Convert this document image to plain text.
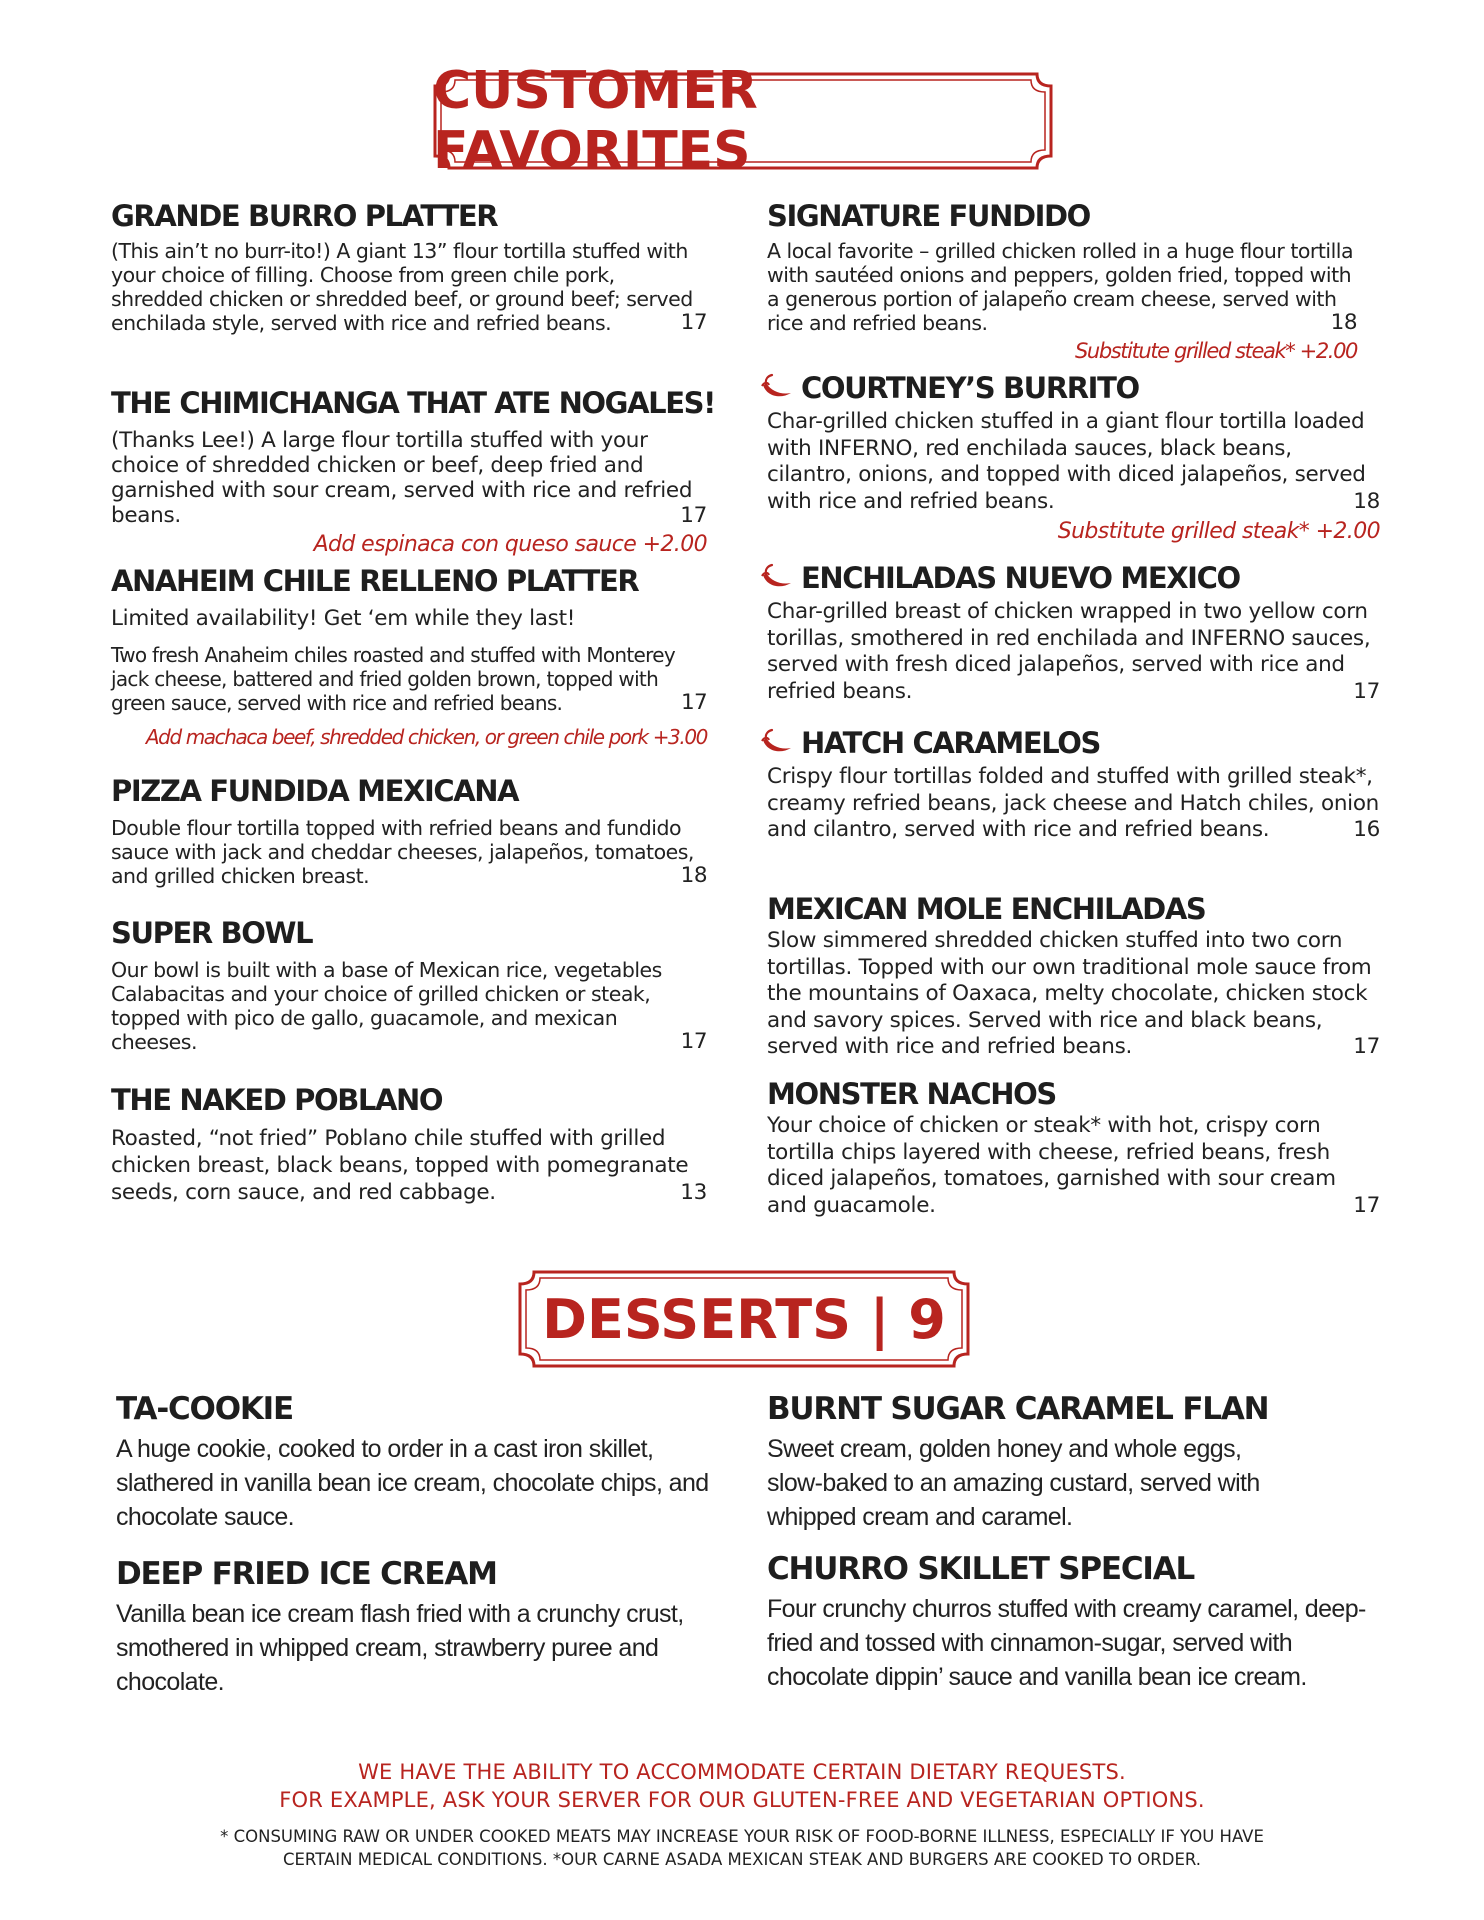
CUSTOMER FAVORITES
GRANDE BURRO PLATTER
(This ain’t no burr-ito!) A giant 13” flour tortilla stuffed with your choice of filling. Choose from green chile pork, shredded chicken or shredded beef, or ground beef; served enchilada style, served with rice and refried beans.	17
THE CHIMICHANGA THAT ATE NOGALES!
(Thanks Lee!) A large flour tortilla stuffed with your choice of shredded chicken or beef, deep fried and garnished with sour cream, served with rice and refried beans.	17
Add espinaca con queso sauce +2.00
ANAHEIM CHILE RELLENO PLATTER
Limited availability! Get ‘em while they last!
Two fresh Anaheim chiles roasted and stuffed with Monterey jack cheese, battered and fried golden brown, topped with green sauce, served with rice and refried beans.	17
Add machaca beef, shredded chicken, or green chile pork +3.00
PIZZA FUNDIDA MEXICANA
Double flour tortilla topped with refried beans and fundido sauce with jack and cheddar cheeses, jalapeños, tomatoes, and grilled chicken breast.	18
SUPER BOWL
Our bowl is built with a base of Mexican rice, vegetables Calabacitas and your choice of grilled chicken or steak, topped with pico de gallo, guacamole, and mexican cheeses.	17
THE NAKED POBLANO
Roasted, “not fried” Poblano chile stuffed with grilled chicken breast, black beans, topped with pomegranate seeds, corn sauce, and red cabbage.	13
SIGNATURE FUNDIDO
A local favorite – grilled chicken rolled in a huge flour tortilla with sautéed onions and peppers, golden fried, topped with a generous portion of jalapeño cream cheese, served with rice and refried beans.	18
Substitute grilled steak* +2.00
COURTNEY’S BURRITO
Char-grilled chicken stuffed in a giant flour tortilla loaded with INFERNO, red enchilada sauces, black beans, cilantro, onions, and topped with diced jalapeños, served with rice and refried beans.	18
Substitute grilled steak* +2.00
ENCHILADAS NUEVO MEXICO
Char-grilled breast of chicken wrapped in two yellow corn torillas, smothered in red enchilada and INFERNO sauces, served with fresh diced jalapeños, served with rice and refried beans.	17
HATCH CARAMELOS
Crispy flour tortillas folded and stuffed with grilled steak*, creamy refried beans, jack cheese and Hatch chiles, onion and cilantro, served with rice and refried beans.	16
MEXICAN MOLE ENCHILADAS
Slow simmered shredded chicken stuffed into two corn tortillas. Topped with our own traditional mole sauce from the mountains of Oaxaca, melty chocolate, chicken stock and savory spices. Served with rice and black beans, served with rice and refried beans.	17
MONSTER NACHOS
Your choice of chicken or steak* with hot, crispy corn tortilla chips layered with cheese, refried beans, fresh diced jalapeños, tomatoes, garnished with sour cream and guacamole.	17
DESSERTS | 9
TA-COOKIE
A huge cookie, cooked to order in a cast iron skillet, slathered in vanilla bean ice cream, chocolate chips, and chocolate sauce.
DEEP FRIED ICE CREAM
Vanilla bean ice cream flash fried with a crunchy crust, smothered in whipped cream, strawberry puree and chocolate.
BURNT SUGAR CARAMEL FLAN
Sweet cream, golden honey and whole eggs, slow-baked to an amazing custard, served with whipped cream and caramel.
CHURRO SKILLET SPECIAL
Four crunchy churros stuffed with creamy caramel, deep-fried and tossed with cinnamon-sugar, served with chocolate dippin’ sauce and vanilla bean ice cream.
WE HAVE THE ABILITY TO ACCOMMODATE CERTAIN DIETARY REQUESTS.
FOR EXAMPLE, ASK YOUR SERVER FOR OUR GLUTEN-FREE AND VEGETARIAN OPTIONS.
* CONSUMING RAW OR UNDER COOKED MEATS MAY INCREASE YOUR RISK OF FOOD-BORNE ILLNESS, ESPECIALLY IF YOU HAVE
CERTAIN MEDICAL CONDITIONS. *OUR CARNE ASADA MEXICAN STEAK AND BURGERS ARE COOKED TO ORDER.
